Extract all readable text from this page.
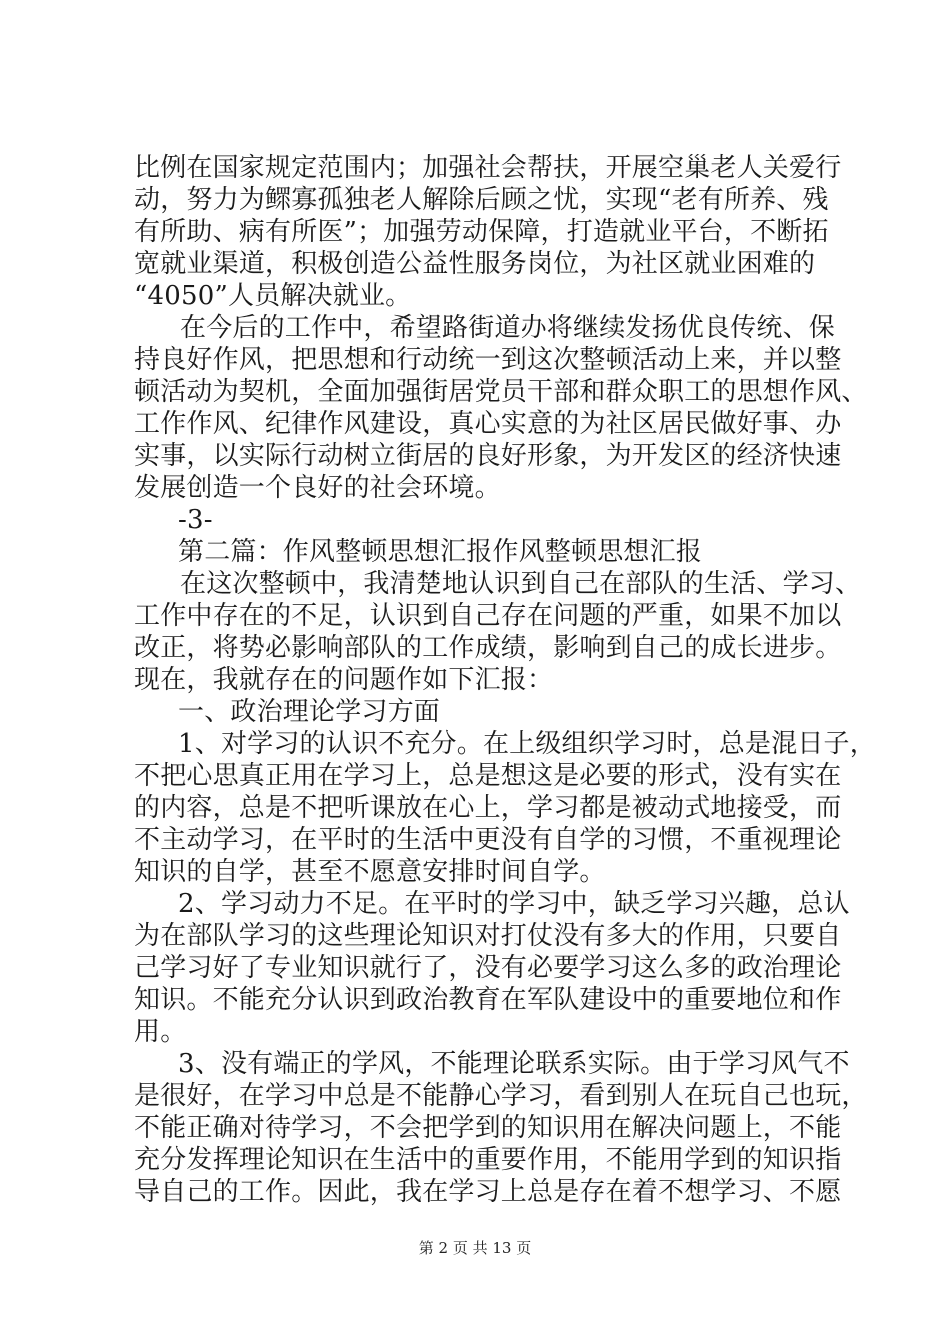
比例在国家规定范围内；加强社会帮扶，开展空巢老人关爱行
动，努力为鳏寡孤独老人解除后顾之忧，实现“老有所养、残
有所助、病有所医”；加强劳动保障，打造就业平台，不断拓
宽就业渠道，积极创造公益性服务岗位，为社区就业困难的
“4050”人员解决就业。
在今后的工作中，希望路街道办将继续发扬优良传统、保
持良好作风，把思想和行动统一到这次整顿活动上来，并以整
顿活动为契机，全面加强街居党员干部和群众职工的思想作风、
工作作风、纪律作风建设，真心实意的为社区居民做好事、办
实事，以实际行动树立街居的良好形象，为开发区的经济快速
发展创造一个良好的社会环境。
-3-
第二篇：作风整顿思想汇报作风整顿思想汇报
在这次整顿中，我清楚地认识到自己在部队的生活、学习、
工作中存在的不足，认识到自己存在问题的严重，如果不加以
改正，将势必影响部队的工作成绩，影响到自己的成长进步。
现在，我就存在的问题作如下汇报：
一、政治理论学习方面
1、对学习的认识不充分。在上级组织学习时，总是混日子，
不把心思真正用在学习上，总是想这是必要的形式，没有实在
的内容，总是不把听课放在心上，学习都是被动式地接受，而
不主动学习，在平时的生活中更没有自学的习惯，不重视理论
知识的自学，甚至不愿意安排时间自学。
2、学习动力不足。在平时的学习中，缺乏学习兴趣，总认
为在部队学习的这些理论知识对打仗没有多大的作用，只要自
己学习好了专业知识就行了，没有必要学习这么多的政治理论
知识。不能充分认识到政治教育在军队建设中的重要地位和作
用。
3、没有端正的学风，不能理论联系实际。由于学习风气不
是很好，在学习中总是不能静心学习，看到别人在玩自己也玩，
不能正确对待学习，不会把学到的知识用在解决问题上，不能
充分发挥理论知识在生活中的重要作用，不能用学到的知识指
导自己的工作。因此，我在学习上总是存在着不想学习、不愿
第 2 页 共 13 页
